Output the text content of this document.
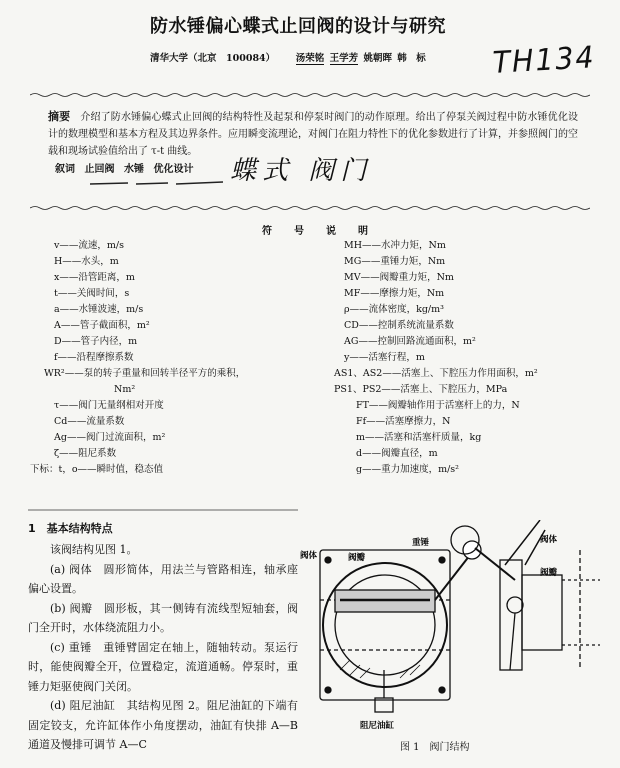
防水锤偏心蝶式止回阀的设计与研究
清华大学（北京　100084） 汤荣铭 王学芳 姚朝晖 韩　标 TH134
摘要 介绍了防水锤偏心蝶式止回阀的结构特性及起泵和停泵时阀门的动作原理。给出了停泵关阀过程中防水锤优化设计的数理模型和基本方程及其边界条件。应用瞬变流理论，对阀门在阻力特性下的优化参数进行了计算，并参照阀门的空载和现场试验值给出了 τ-t 曲线。
叙词 止回阀 水锤 优化设计 蝶式 阀门
符　号　说　明
v——流速，m/s
H——水头，m
x——沿管距离，m
t——关阀时间，s
a——水锤波速，m/s
A——管子截面积，m²
D——管子内径，m
f——沿程摩擦系数
WR²——泵的转子重量和回转半径平方的乘积，
Nm²
τ——阀门无量纲相对开度
Cd——流量系数
Ag——阀门过流面积，m²
ζ——阻尼系数
下标：t，o——瞬时值，稳态值
MH——水冲力矩，Nm
MG——重锤力矩，Nm
MV——阀瓣重力矩，Nm
MF——摩擦力矩，Nm
ρ——流体密度，kg/m³
CD——控制系统流量系数
AG——控制回路流通面积，m²
y——活塞行程，m
AS1、AS2——活塞上、下腔压力作用面积，m²
PS1、PS2——活塞上、下腔压力，MPa
FT——阀瓣轴作用于活塞杆上的力，N
Ff——活塞摩擦力，N
m——活塞和活塞杆质量，kg
d——阀瓣直径，m
g——重力加速度，m/s²
1　基本结构特点

该阀结构见图 1。

(a) 阀体　圆形简体，用法兰与管路相连，轴承座偏心设置。

(b) 阀瓣　圆形板，其一侧铸有流线型短轴套，阀门全开时，水体绕流阻力小。

(c) 重锤　重锤臂固定在轴上，随轴转动。泵运行时，能使阀瓣全开，位置稳定，流道通畅。停泵时，重锤力矩驱使阀门关闭。

(d) 阻尼油缸　其结构见图 2。阻尼油缸的下端有固定铰支，允许缸体作小角度摆动，油缸有快排 A—B 通道及慢排可调节 A—C

阀体	阀瓣
重锤	阀体
阀瓣
阻尼油缸
图 1　阀门结构
